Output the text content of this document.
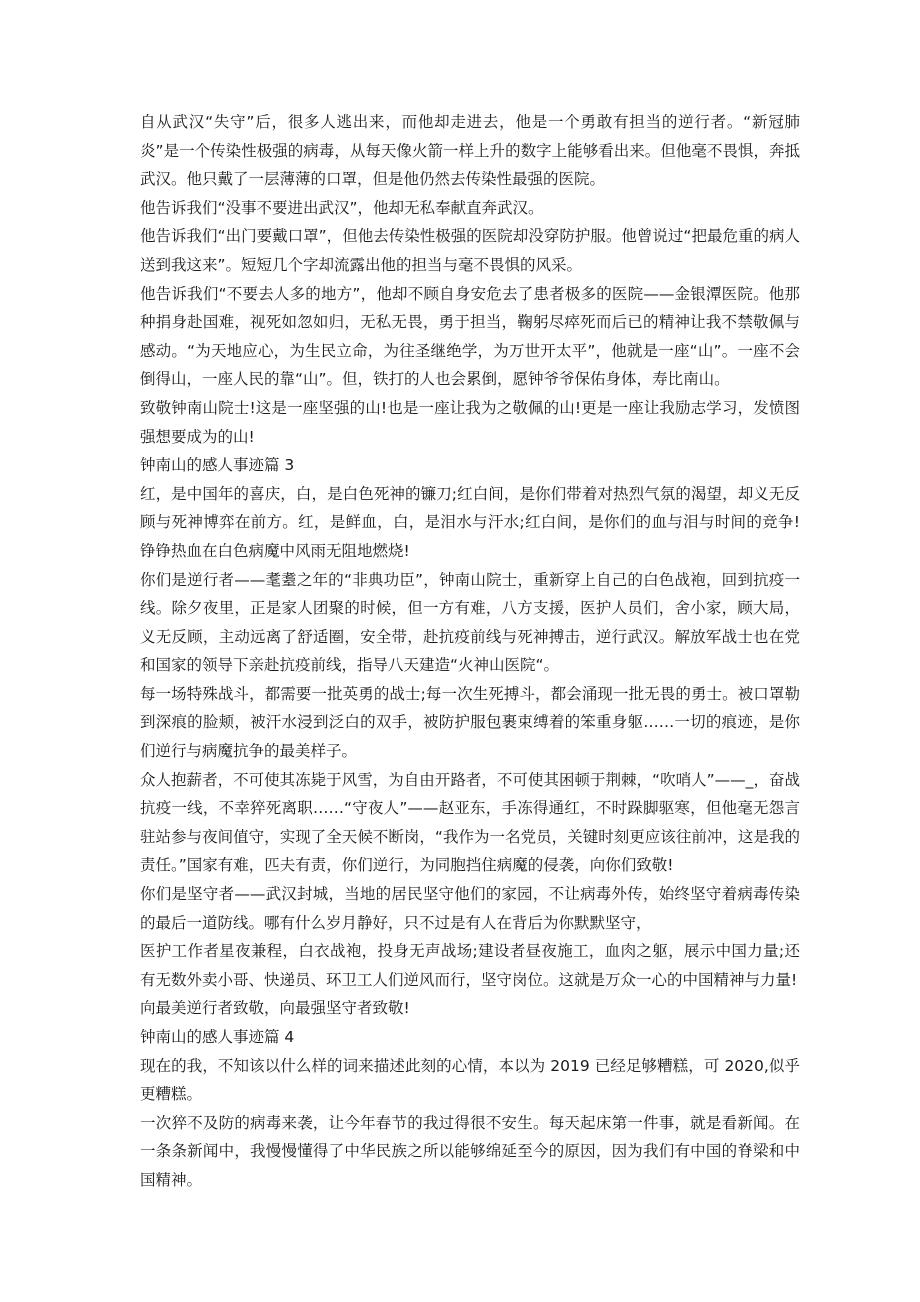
自从武汉“失守”后，很多人逃出来，而他却走进去，他是一个勇敢有担当的逆行者。“新冠肺炎”是一个传染性极强的病毒，从每天像火箭一样上升的数字上能够看出来。但他毫不畏惧，奔抵武汉。他只戴了一层薄薄的口罩，但是他仍然去传染性最强的医院。

他告诉我们“没事不要进出武汉”，他却无私奉献直奔武汉。

他告诉我们“出门要戴口罩”，但他去传染性极强的医院却没穿防护服。他曾说过“把最危重的病人送到我这来”。短短几个字却流露出他的担当与毫不畏惧的风采。

他告诉我们“不要去人多的地方”，他却不顾自身安危去了患者极多的医院——金银潭医院。他那种捐身赴国难，视死如忽如归，无私无畏，勇于担当，鞠躬尽瘁死而后已的精神让我不禁敬佩与感动。“为天地应心，为生民立命，为往圣继绝学，为万世开太平”，他就是一座“山”。一座不会倒得山，一座人民的靠“山”。但，铁打的人也会累倒，愿钟爷爷保佑身体，寿比南山。

致敬钟南山院士!这是一座坚强的山!也是一座让我为之敬佩的山!更是一座让我励志学习，发愤图强想要成为的山!

钟南山的感人事迹篇 3

红，是中国年的喜庆，白，是白色死神的镰刀;红白间，是你们带着对热烈气氛的渴望，却义无反顾与死神博弈在前方。红，是鲜血，白，是泪水与汗水;红白间，是你们的血与泪与时间的竞争!铮铮热血在白色病魔中风雨无阻地燃烧!

你们是逆行者——耄耋之年的“非典功臣”，钟南山院士，重新穿上自己的白色战袍，回到抗疫一线。除夕夜里，正是家人团聚的时候，但一方有难，八方支援，医护人员们，舍小家，顾大局，义无反顾，主动远离了舒适圈，安全带，赴抗疫前线与死神搏击，逆行武汉。解放军战士也在党和国家的领导下亲赴抗疫前线，指导八天建造“火神山医院“。

每一场特殊战斗，都需要一批英勇的战士;每一次生死搏斗，都会涌现一批无畏的勇士。被口罩勒到深痕的脸颊，被汗水浸到泛白的双手，被防护服包裹束缚着的笨重身躯……一切的痕迹，是你们逆行与病魔抗争的最美样子。

众人抱薪者，不可使其冻毙于风雪，为自由开路者，不可使其困顿于荆棘，“吹哨人”——_，奋战抗疫一线，不幸猝死离职……“守夜人”——赵亚东，手冻得通红，不时跺脚驱寒，但他毫无怨言驻站参与夜间值守，实现了全天候不断岗，“我作为一名党员，关键时刻更应该往前冲，这是我的责任。”国家有难，匹夫有责，你们逆行，为同胞挡住病魔的侵袭，向你们致敬!

你们是坚守者——武汉封城，当地的居民坚守他们的家园，不让病毒外传，始终坚守着病毒传染的最后一道防线。哪有什么岁月静好，只不过是有人在背后为你默默坚守，

医护工作者星夜兼程，白衣战袍，投身无声战场;建设者昼夜施工，血肉之躯，展示中国力量;还有无数外卖小哥、快递员、环卫工人们逆风而行，坚守岗位。这就是万众一心的中国精神与力量!

向最美逆行者致敬，向最强坚守者致敬!

钟南山的感人事迹篇 4

现在的我，不知该以什么样的词来描述此刻的心情，本以为 2019 已经足够糟糕，可 2020,似乎更糟糕。

一次猝不及防的病毒来袭，让今年春节的我过得很不安生。每天起床第一件事，就是看新闻。在一条条新闻中，我慢慢懂得了中华民族之所以能够绵延至今的原因，因为我们有中国的脊梁和中国精神。
